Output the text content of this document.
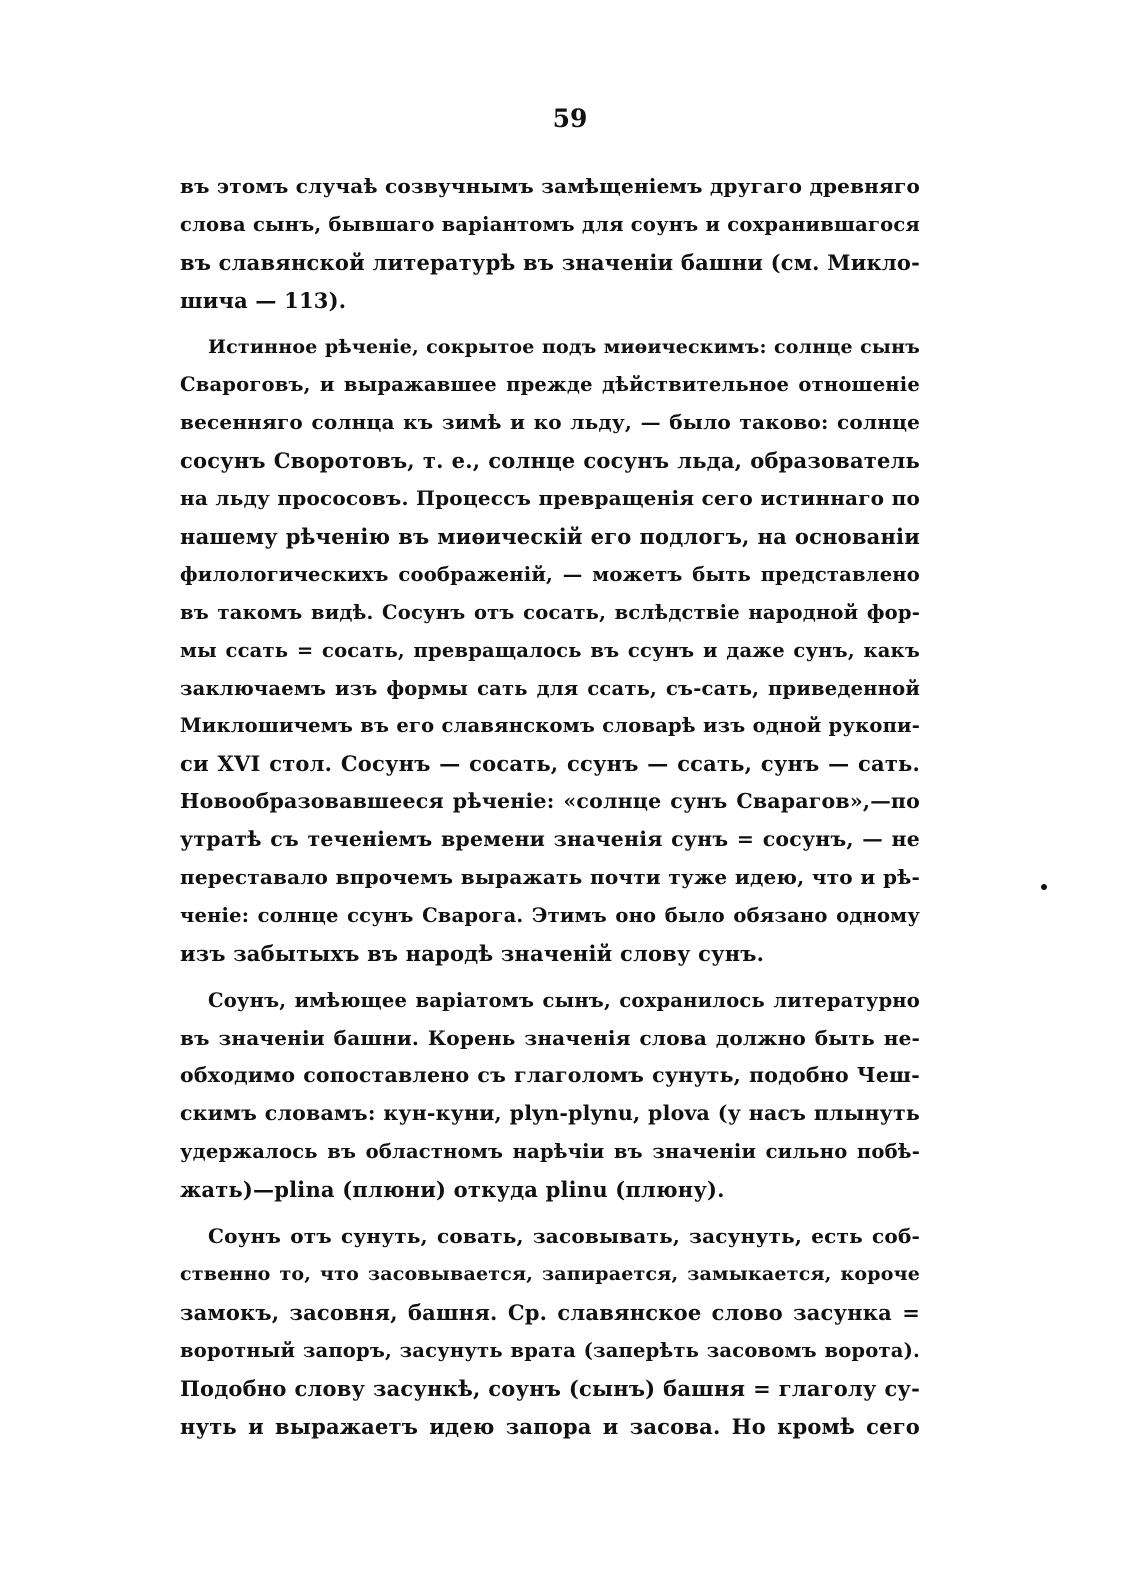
59
въ этомъ случаѣ созвучнымъ замѣщеніемъ другаго древняго
слова сынъ, бывшаго варіантомъ для соунъ и сохранившагося
въ славянской литературѣ въ значеніи башни (см. Микло-
шича — 113).
Истинное рѣченіе, сокрытое подъ миѳическимъ: солнце сынъ
Свароговъ, и выражавшее прежде дѣйствительное отношеніе
весенняго солнца къ зимѣ и ко льду, — было таково: солнце
сосунъ Своротовъ, т. е., солнце сосунъ льда, образователь
на льду прососовъ. Процессъ превращенія сего истиннаго по
нашему рѣченію въ миѳическій его подлогъ, на основаніи
филологическихъ соображеній, — можетъ быть представлено
въ такомъ видѣ. Сосунъ отъ сосать, вслѣдствіе народной фор-
мы ссать = сосать, превращалось въ ссунъ и даже сунъ, какъ
заключаемъ изъ формы сать для ссать, съ-сать, приведенной
Миклошичемъ въ его славянскомъ словарѣ изъ одной рукопи-
си XVI стол. Сосунъ — сосать, ссунъ — ссать, сунъ — сать.
Новообразовавшееся рѣченіе: «солнце сунъ Сварагов»,—по
утратѣ съ теченіемъ времени значенія сунъ = сосунъ, — не
переставало впрочемъ выражать почти туже идею, что и рѣ-
ченіе: солнце ссунъ Сварога. Этимъ оно было обязано одному
изъ забытыхъ въ народѣ значеній слову сунъ.
Соунъ, имѣющее варіатомъ сынъ, сохранилось литературно
въ значеніи башни. Корень значенія слова должно быть не-
обходимо сопоставлено съ глаголомъ сунуть, подобно Чеш-
скимъ словамъ: кун-куни, plyn-plynu, plova (у насъ плынуть
удержалось въ областномъ нарѣчіи въ значеніи сильно побѣ-
жать)—plina (плюни) откуда plinu (плюну).
Соунъ отъ сунуть, совать, засовывать, засунуть, есть соб-
ственно то, что засовывается, запирается, замыкается, короче
замокъ, засовня, башня. Ср. славянское слово засунка =
воротный запоръ, засунуть врата (заперѣть засовомъ ворота).
Подобно слову засункѣ, соунъ (сынъ) башня = глаголу су-
нуть и выражаетъ идею запора и засова. Но кромѣ сего
